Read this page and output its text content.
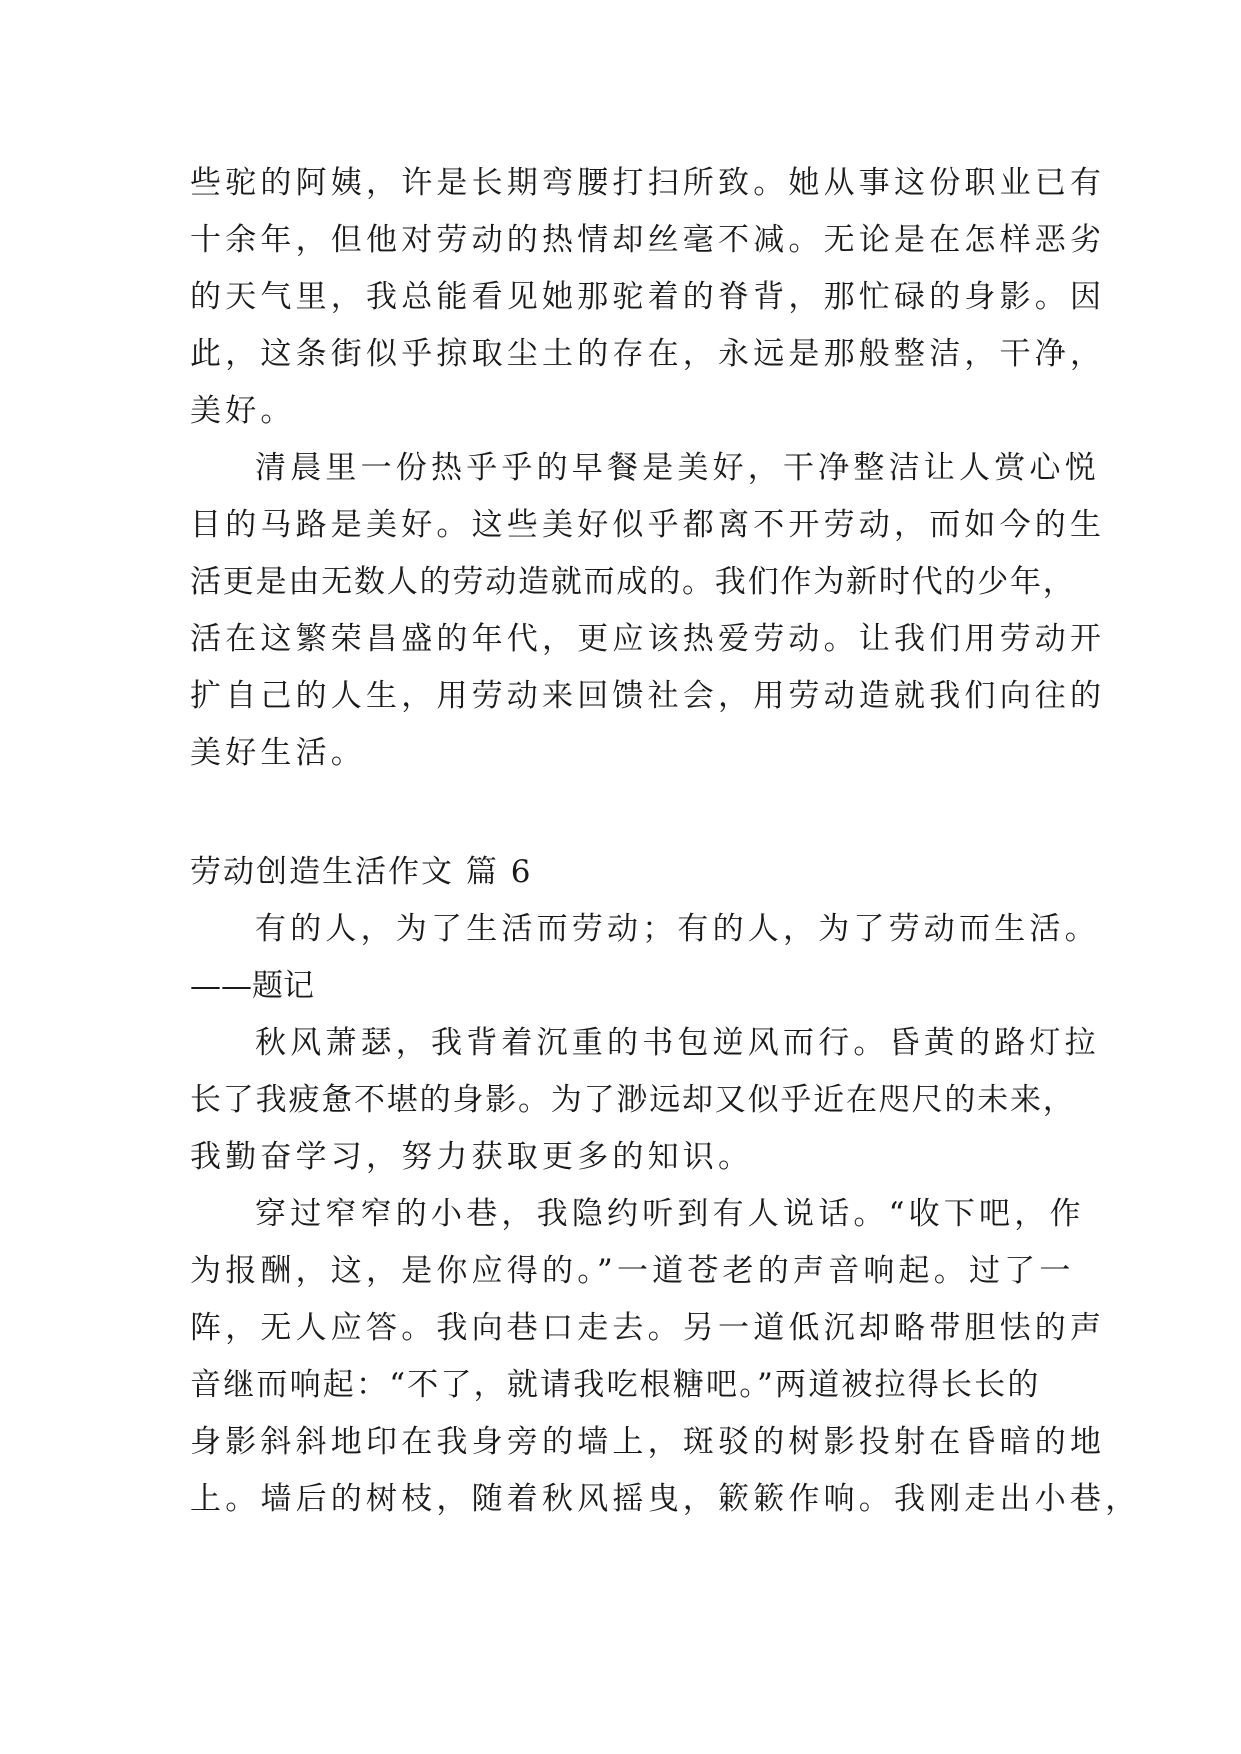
些驼的阿姨，许是长期弯腰打扫所致。她从事这份职业已有
十余年，但他对劳动的热情却丝毫不减。无论是在怎样恶劣
的天气里，我总能看见她那驼着的脊背，那忙碌的身影。因
此，这条街似乎掠取尘土的存在，永远是那般整洁，干净，
美好。
清晨里一份热乎乎的早餐是美好，干净整洁让人赏心悦
目的马路是美好。这些美好似乎都离不开劳动，而如今的生
活更是由无数人的劳动造就而成的。我们作为新时代的少年，
活在这繁荣昌盛的年代，更应该热爱劳动。让我们用劳动开
扩自己的人生，用劳动来回馈社会，用劳动造就我们向往的
美好生活。
劳动创造生活作文 篇 6
有的人，为了生活而劳动；有的人，为了劳动而生活。
——题记
秋风萧瑟，我背着沉重的书包逆风而行。昏黄的路灯拉
长了我疲惫不堪的身影。为了渺远却又似乎近在咫尺的未来，
我勤奋学习，努力获取更多的知识。
穿过窄窄的小巷，我隐约听到有人说话。“收下吧，作
为报酬，这，是你应得的。”一道苍老的声音响起。过了一
阵，无人应答。我向巷口走去。另一道低沉却略带胆怯的声
音继而响起：“不了，就请我吃根糖吧。”两道被拉得长长的
身影斜斜地印在我身旁的墙上，斑驳的树影投射在昏暗的地
上。墙后的树枝，随着秋风摇曳，簌簌作响。我刚走出小巷，
